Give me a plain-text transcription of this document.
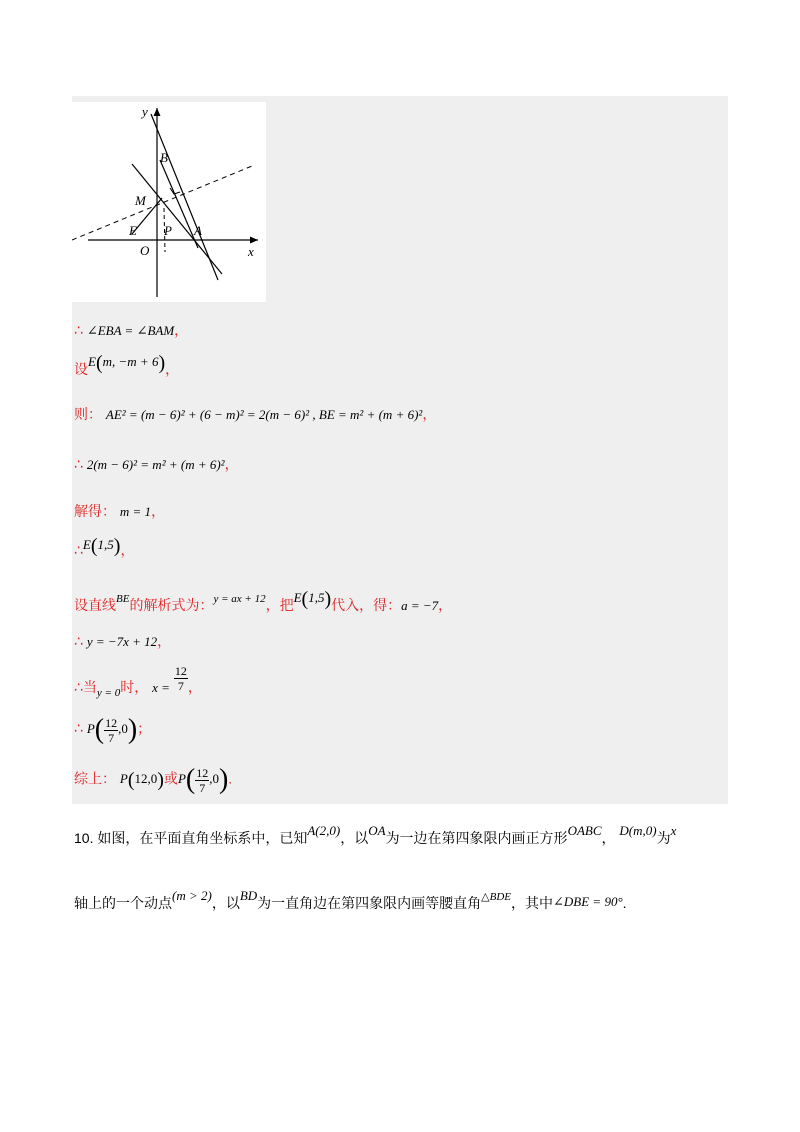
y
x
B
M
E
O
P A
∴ ∠EBA = ∠BAM，
设E(m, −m + 6)，
则： AE² = (m − 6)² + (6 − m)² = 2(m − 6)² , BE = m² + (m + 6)²，
∴ 2(m − 6)² = m² + (m + 6)²，
解得： m = 1，
∴E(1,5)，
设直线BE的解析式为：y = ax + 12，把E(1,5)代入，得：a = −7，
∴ y = −7x + 12，
∴当$_{y = 0}$时， $x = \frac{12}{7}$ ，
∴ $P( \frac{12}{7} ,0)$；
综上： P(12,0)或$P( \frac{12}{7} ,0)$.
10. 如图，在平面直角坐标系中，已知A(2,0)，以OA为一边在第四象限内画正方形OABC， D(m,0)为x
轴上的一个动点(m > 2)，以BD为一直角边在第四象限内画等腰直角△BDE，其中∠DBE = 90°.
